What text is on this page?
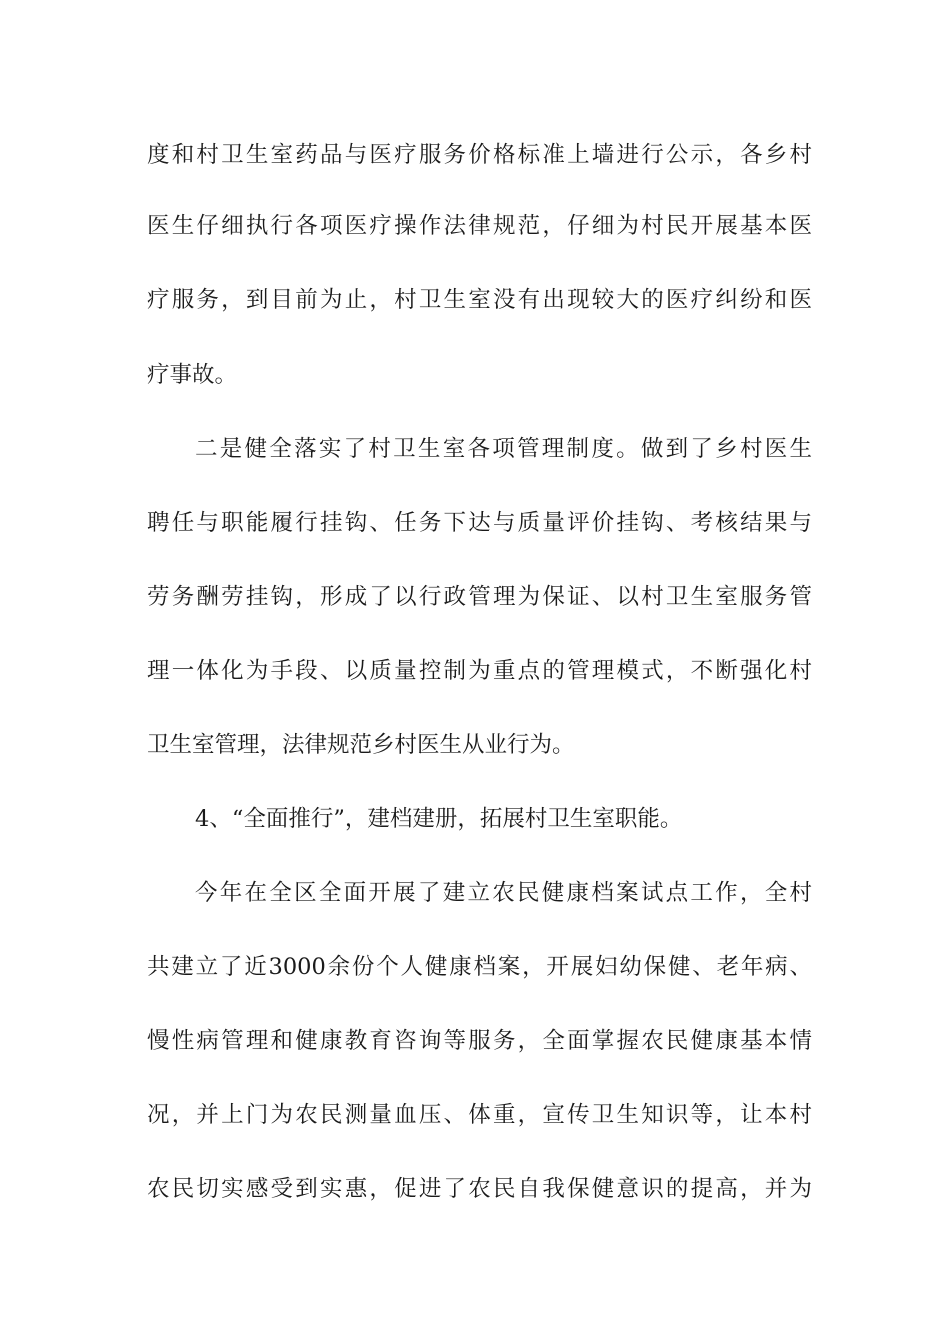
度和村卫生室药品与医疗服务价格标准上墙进行公示，各乡村
医生仔细执行各项医疗操作法律规范，仔细为村民开展基本医
疗服务，到目前为止，村卫生室没有出现较大的医疗纠纷和医
疗事故。
二是健全落实了村卫生室各项管理制度。做到了乡村医生
聘任与职能履行挂钩、任务下达与质量评价挂钩、考核结果与
劳务酬劳挂钩，形成了以行政管理为保证、以村卫生室服务管
理一体化为手段、以质量控制为重点的管理模式，不断强化村
卫生室管理，法律规范乡村医生从业行为。
4、“全面推行”，建档建册，拓展村卫生室职能。
今年在全区全面开展了建立农民健康档案试点工作，全村
共建立了近3000余份个人健康档案，开展妇幼保健、老年病、
慢性病管理和健康教育咨询等服务，全面掌握农民健康基本情
况，并上门为农民测量血压、体重，宣传卫生知识等，让本村
农民切实感受到实惠，促进了农民自我保健意识的提高，并为
